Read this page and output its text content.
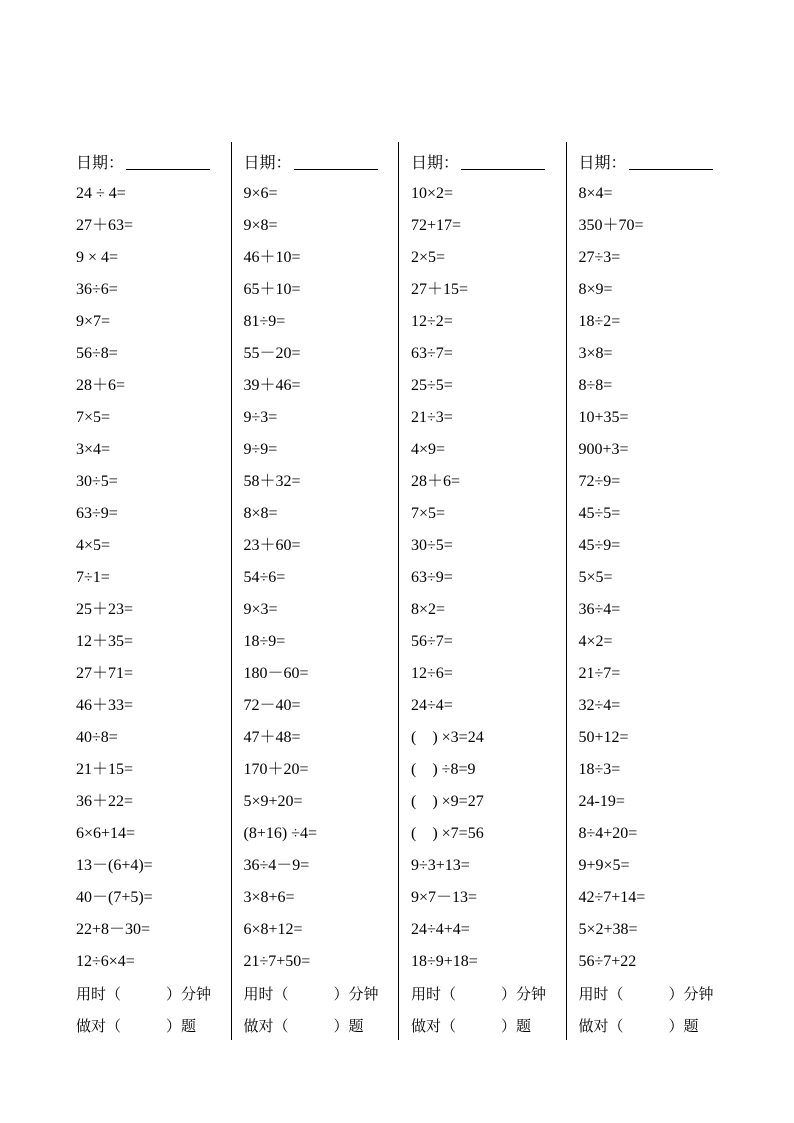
日期：
24 ÷ 4=
27＋63=
9 × 4=
36÷6=
9×7=
56÷8=
28＋6=
7×5=
3×4=
30÷5=
63÷9=
4×5=
7÷1=
25＋23=
12＋35=
27＋71=
46＋33=
40÷8=
21＋15=
36＋22=
6×6+14=
13－(6+4)=
40－(7+5)=
22+8－30=
12÷6×4=
用时（　　　）分钟
做对（　　　）题
日期：
9×6=
9×8=
46＋10=
65＋10=
81÷9=
55－20=
39＋46=
9÷3=
9÷9=
58＋32=
8×8=
23＋60=
54÷6=
9×3=
18÷9=
180－60=
72－40=
47＋48=
170＋20=
5×9+20=
(8+16) ÷4=
36÷4－9=
3×8+6=
6×8+12=
21÷7+50=
用时（　　　）分钟
做对（　　　）题
日期：
10×2=
72+17=
2×5=
27＋15=
12÷2=
63÷7=
25÷5=
21÷3=
4×9=
28＋6=
7×5=
30÷5=
63÷9=
8×2=
56÷7=
12÷6=
24÷4=
(　) ×3=24
(　) ÷8=9
(　) ×9=27
(　) ×7=56
9÷3+13=
9×7－13=
24÷4+4=
18÷9+18=
用时（　　　）分钟
做对（　　　）题
日期：
8×4=
350＋70=
27÷3=
8×9=
18÷2=
3×8=
8÷8=
10+35=
900+3=
72÷9=
45÷5=
45÷9=
5×5=
36÷4=
4×2=
21÷7=
32÷4=
50+12=
18÷3=
24-19=
8÷4+20=
9+9×5=
42÷7+14=
5×2+38=
56÷7+22
用时（　　　）分钟
做对（　　　）题
